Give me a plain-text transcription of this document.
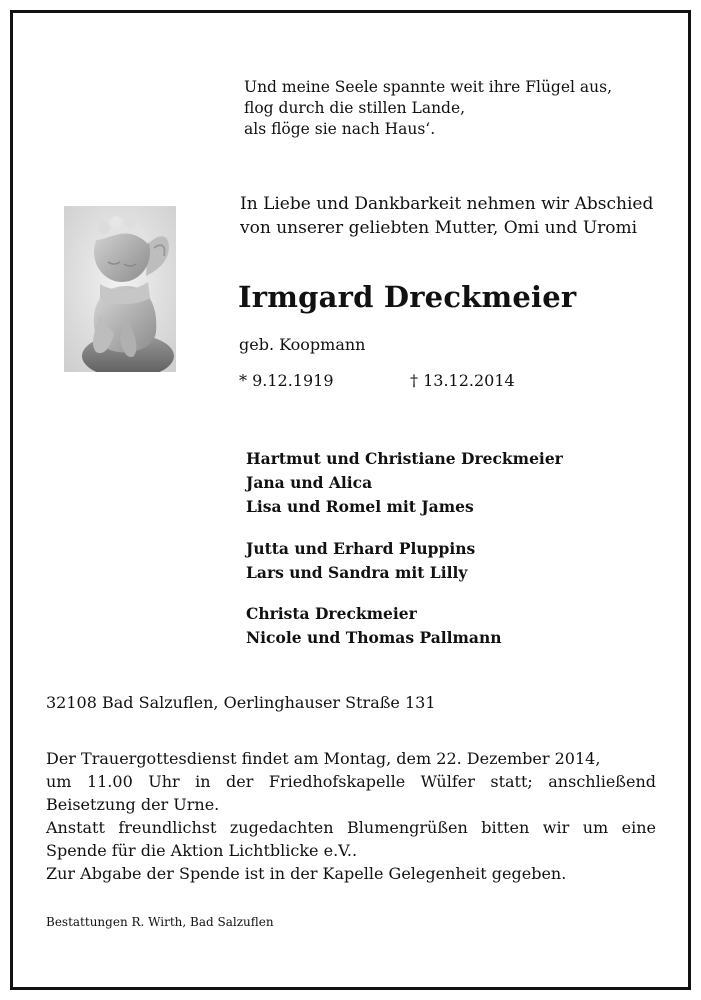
Und meine Seele spannte weit ihre Flügel aus,
flog durch die stillen Lande,
als flöge sie nach Haus‘.
In Liebe und Dankbarkeit nehmen wir Abschied
von unserer geliebten Mutter, Omi und Uromi
Irmgard Dreckmeier
geb. Koopmann
* 9.12.1919	† 13.12.2014
Hartmut und Christiane Dreckmeier
Jana und Alica
Lisa und Romel mit James
Jutta und Erhard Pluppins
Lars und Sandra mit Lilly
Christa Dreckmeier
Nicole und Thomas Pallmann
32108 Bad Salzuflen, Oerlinghauser Straße 131
Der Trauergottesdienst findet am Montag, dem 22. Dezember 2014,
um 11.00 Uhr in der Friedhofskapelle Wülfer statt; anschließend
Beisetzung der Urne.
Anstatt freundlichst zugedachten Blumengrüßen bitten wir um eine
Spende für die Aktion Lichtblicke e.V..
Zur Abgabe der Spende ist in der Kapelle Gelegenheit gegeben.
Bestattungen R. Wirth, Bad Salzuflen
